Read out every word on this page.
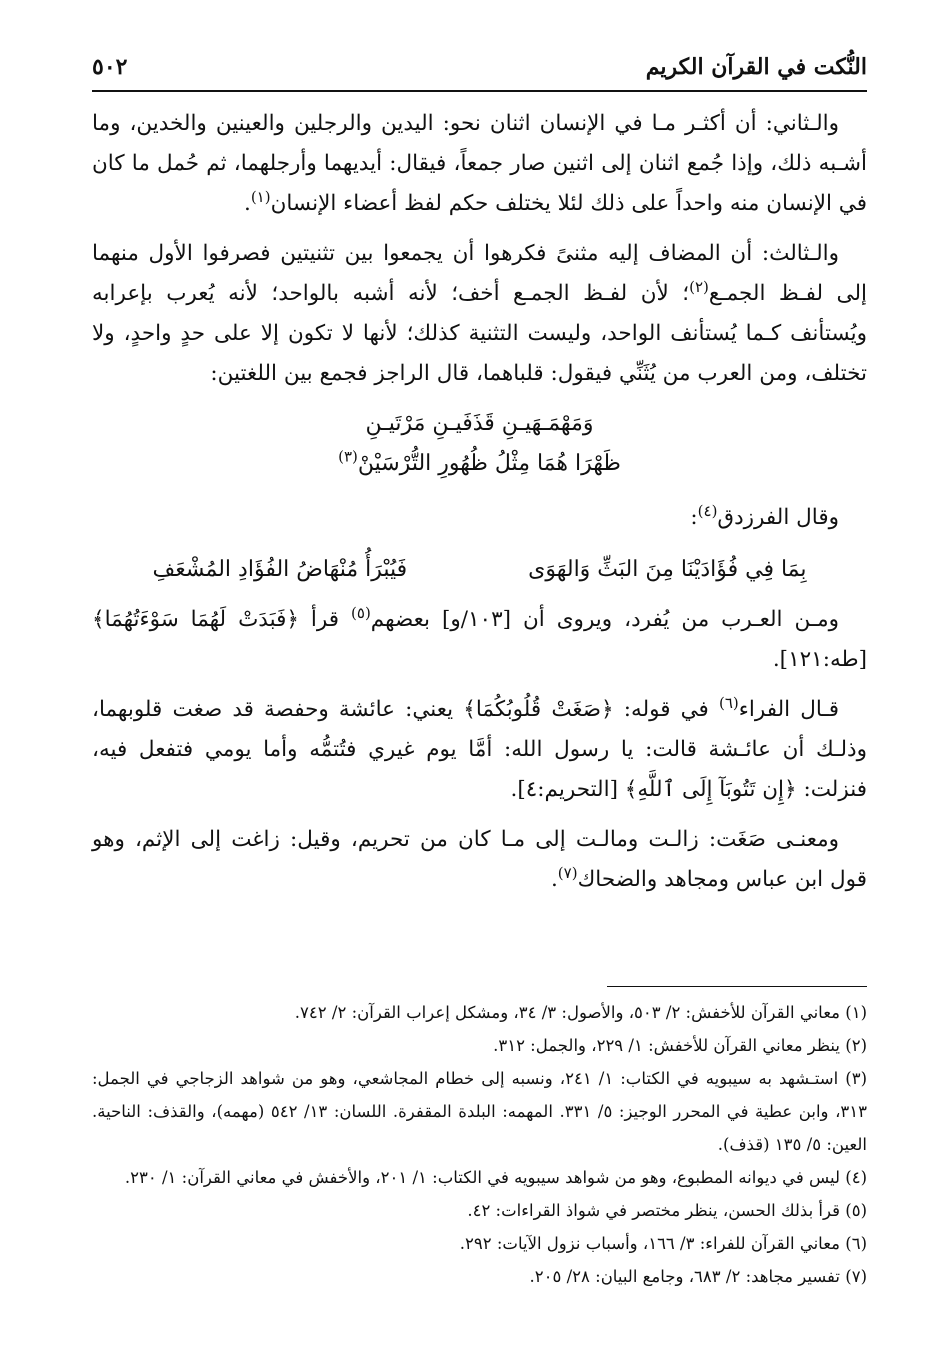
النُّكت في القرآن الكريم
٥٠٢

والـثاني: أن أكثـر مـا في الإنسان اثنان نحو: اليدين والرجلين والعينين والخدين، وما أشـبه ذلك، وإذا جُمع اثنان إلى اثنين صار جمعاً، فيقال: أيديهما وأرجلهما، ثم حُمل ما كان في الإنسان منه واحداً على ذلك لئلا يختلف حكم لفظ أعضاء الإنسان$^{(١)}$.

والـثالث: أن المضاف إليه مثنىً فكرهوا أن يجمعوا بين تثنيتين فصرفوا الأول منهما إلى لفـظ الجمـع$^{(٢)}$؛ لأن لفـظ الجمـع أخف؛ لأنه أشبه بالواحد؛ لأنه يُعرب بإعرابه ويُستأنف كـما يُستأنف الواحد، وليست التثنية كذلك؛ لأنها لا تكون إلا على حدٍ واحدٍ، ولا تختلف، ومن العرب من يُثَنِّي فيقول: قلباهما، قال الراجز فجمع بين اللغتين:

وَمَهْمَـهَيـنِ قَذَفَيـنِ مَرْتَيـنِ

ظَهْرَا هُمَا مِثْلُ ظُهُورِ التُّرْسَيْنْ$^{(٣)}$

وقال الفرزدق$^{(٤)}$:

بِمَا فِي فُؤَادَيْنَا مِنَ البَثِّ وَالهَوَى
فَيُبْرَأُ مُنْهَاضُ الفُؤَادِ المُشْعَفِ

ومـن العـرب من يُفرد، ويروى أن [١٠٣/و] بعضهم$^{(٥)}$ قرأ ﴿فَبَدَتْ لَهُمَا سَوْءَتُهُمَا﴾ [طه:١٢١].

قـال الفراء$^{(٦)}$ في قوله: ﴿صَغَتْ قُلُوبُكُمَا﴾ يعني: عائشة وحفصة قد صغت قلوبهما، وذلـك أن عائـشة قالت: يا رسول الله: أمَّا يوم غيري فتُتمُّه وأما يومي فتفعل فيه، فنزلت: ﴿إِن تَتُوبَآ إِلَى ٱللَّهِ﴾ [التحريم:٤].

ومعنـى صَغَت: زالـت ومالـت إلى مـا كان من تحريم، وقيل: زاغت إلى الإثم، وهو قول ابن عباس ومجاهد والضحاك$^{(٧)}$.

(١) معاني القرآن للأخفش: ٢/ ٥٠٣، والأصول: ٣/ ٣٤، ومشكل إعراب القرآن: ٢/ ٧٤٢.

(٢) ينظر معاني القرآن للأخفش: ١/ ٢٢٩، والجمل: ٣١٢.

(٣) استـشهد به سيبويه في الكتاب: ١/ ٢٤١، ونسبه إلى خطام المجاشعي، وهو من شواهد الزجاجي في الجمل: ٣١٣، وابن عطية في المحرر الوجيز: ٥/ ٣٣١. المهمه: البلدة المقفرة. اللسان: ١٣/ ٥٤٢ (مهمه)، والقذف: الناحية. العين: ٥/ ١٣٥ (قذف).

(٤) ليس في ديوانه المطبوع، وهو من شواهد سيبويه في الكتاب: ١/ ٢٠١، والأخفش في معاني القرآن: ١/ ٢٣٠.

(٥) قرأ بذلك الحسن، ينظر مختصر في شواذ القراءات: ٤٢.

(٦) معاني القرآن للفراء: ٣/ ١٦٦، وأسباب نزول الآيات: ٢٩٢.

(٧) تفسير مجاهد: ٢/ ٦٨٣، وجامع البيان: ٢٨/ ٢٠٥.
